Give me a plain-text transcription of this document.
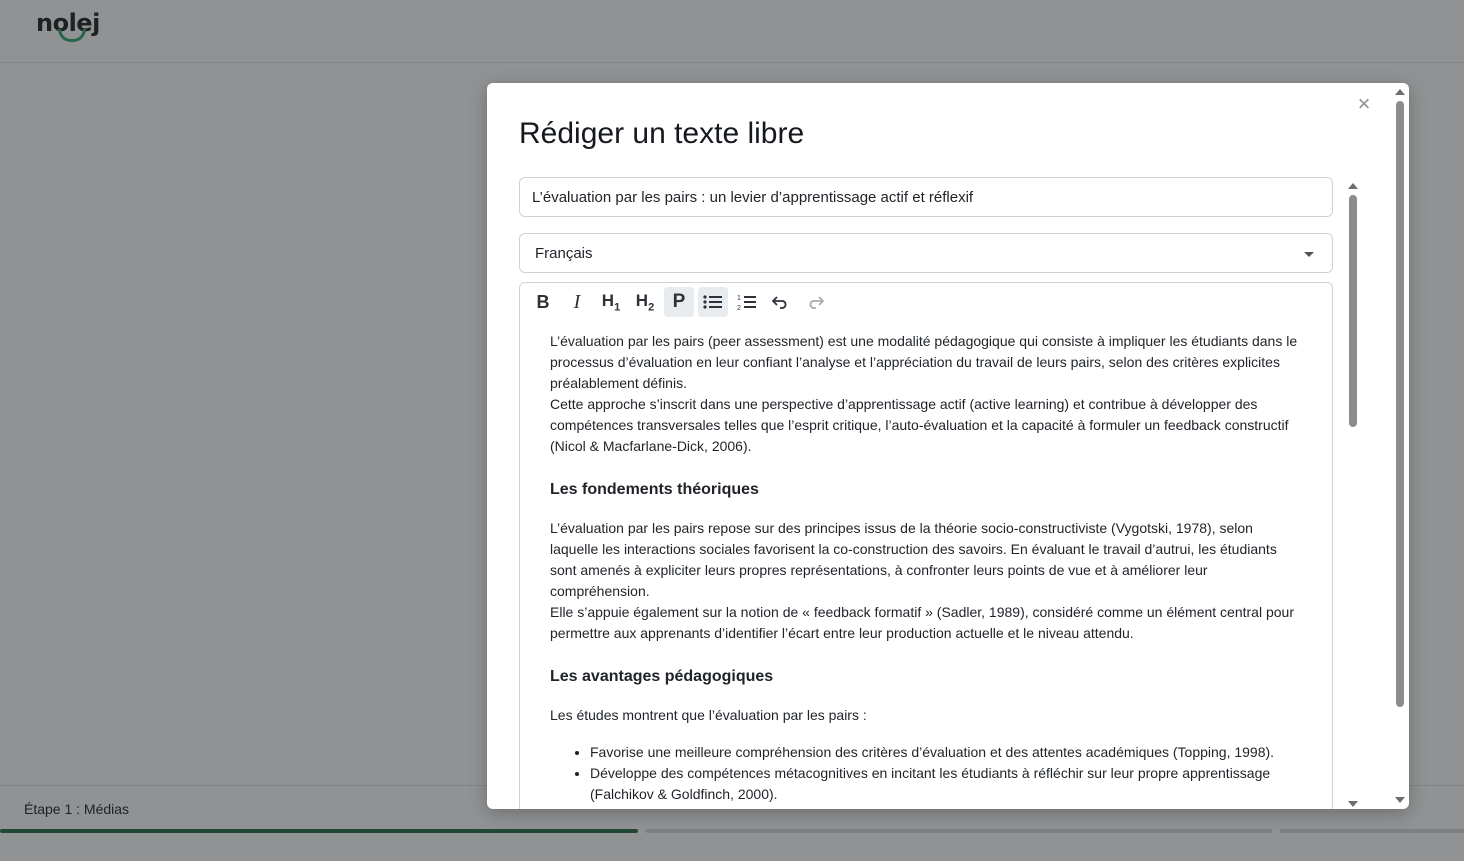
×
Rédiger un texte libre
L’évaluation par les pairs : un levier d’apprentissage actif et réflexif
Français
B I $H_1$ $H_2$ P	1
2

L’évaluation par les pairs (peer assessment) est une modalité pédagogique qui consiste à impliquer les étudiants dans le processus d’évaluation en leur confiant l’analyse et l’appréciation du travail de leurs pairs, selon des critères explicites préalablement définis.

Cette approche s’inscrit dans une perspective d’apprentissage actif (active learning) et contribue à développer des compétences transversales telles que l’esprit critique, l’auto-évaluation et la capacité à formuler un feedback constructif (Nicol & Macfarlane-Dick, 2006).

Les fondements théoriques

L’évaluation par les pairs repose sur des principes issus de la théorie socio-constructiviste (Vygotski, 1978), selon laquelle les interactions sociales favorisent la co-construction des savoirs. En évaluant le travail d’autrui, les étudiants sont amenés à expliciter leurs propres représentations, à confronter leurs points de vue et à améliorer leur compréhension.

Elle s’appuie également sur la notion de « feedback formatif » (Sadler, 1989), considéré comme un élément central pour permettre aux apprenants d’identifier l’écart entre leur production actuelle et le niveau attendu.

Les avantages pédagogiques

Les études montrent que l’évaluation par les pairs :

• Favorise une meilleure compréhension des critères d’évaluation et des attentes académiques (Topping, 1998).
• Développe des compétences métacognitives en incitant les étudiants à réfléchir sur leur propre apprentissage (Falchikov & Goldfinch, 2000).
